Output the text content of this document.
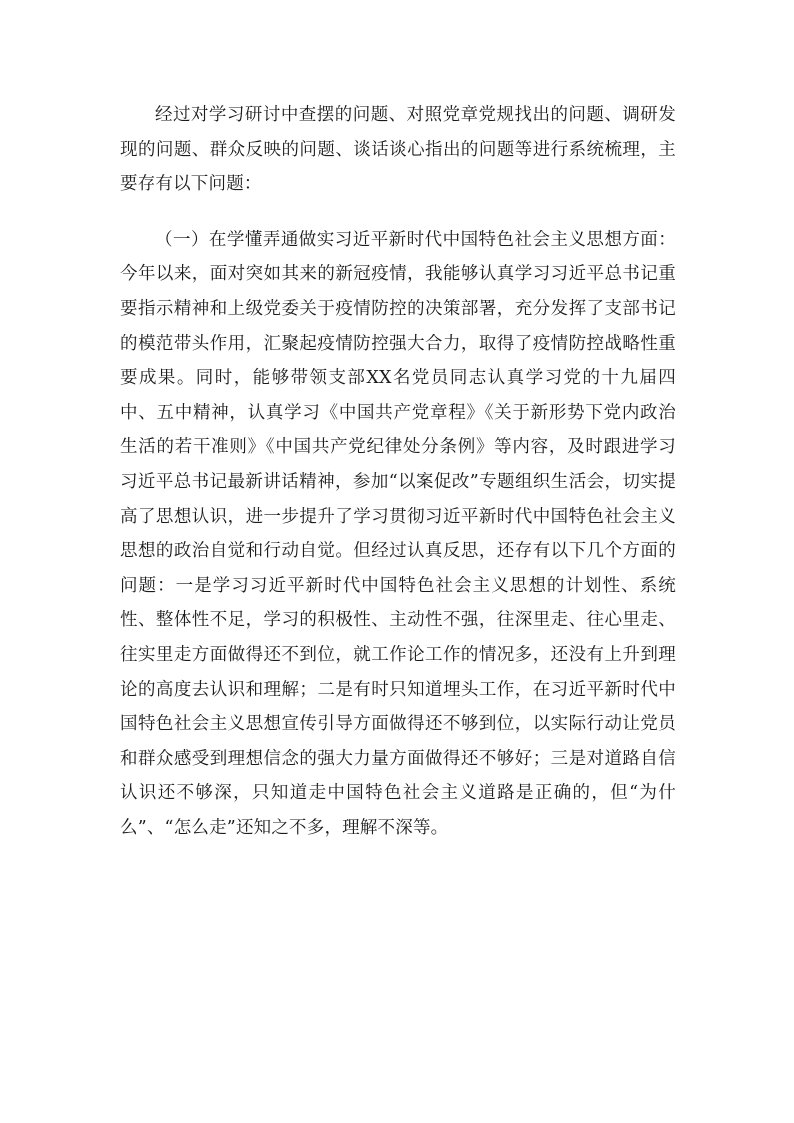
经过对学习研讨中查摆的问题、对照党章党规找出的问题、调研发现的问题、群众反映的问题、谈话谈心指出的问题等进行系统梳理，主要存有以下问题：

（一）在学懂弄通做实习近平新时代中国特色社会主义思想方面：今年以来，面对突如其来的新冠疫情，我能够认真学习习近平总书记重要指示精神和上级党委关于疫情防控的决策部署，充分发挥了支部书记的模范带头作用，汇聚起疫情防控强大合力，取得了疫情防控战略性重要成果。同时，能够带领支部XX名党员同志认真学习党的十九届四中、五中精神，认真学习《中国共产党章程》《关于新形势下党内政治生活的若干准则》《中国共产党纪律处分条例》等内容，及时跟进学习习近平总书记最新讲话精神，参加“以案促改”专题组织生活会，切实提高了思想认识，进一步提升了学习贯彻习近平新时代中国特色社会主义思想的政治自觉和行动自觉。但经过认真反思，还存有以下几个方面的问题：一是学习习近平新时代中国特色社会主义思想的计划性、系统性、整体性不足，学习的积极性、主动性不强，往深里走、往心里走、往实里走方面做得还不到位，就工作论工作的情况多，还没有上升到理论的高度去认识和理解；二是有时只知道埋头工作，在习近平新时代中国特色社会主义思想宣传引导方面做得还不够到位，以实际行动让党员和群众感受到理想信念的强大力量方面做得还不够好；三是对道路自信认识还不够深，只知道走中国特色社会主义道路是正确的，但“为什么”、“怎么走”还知之不多，理解不深等。
